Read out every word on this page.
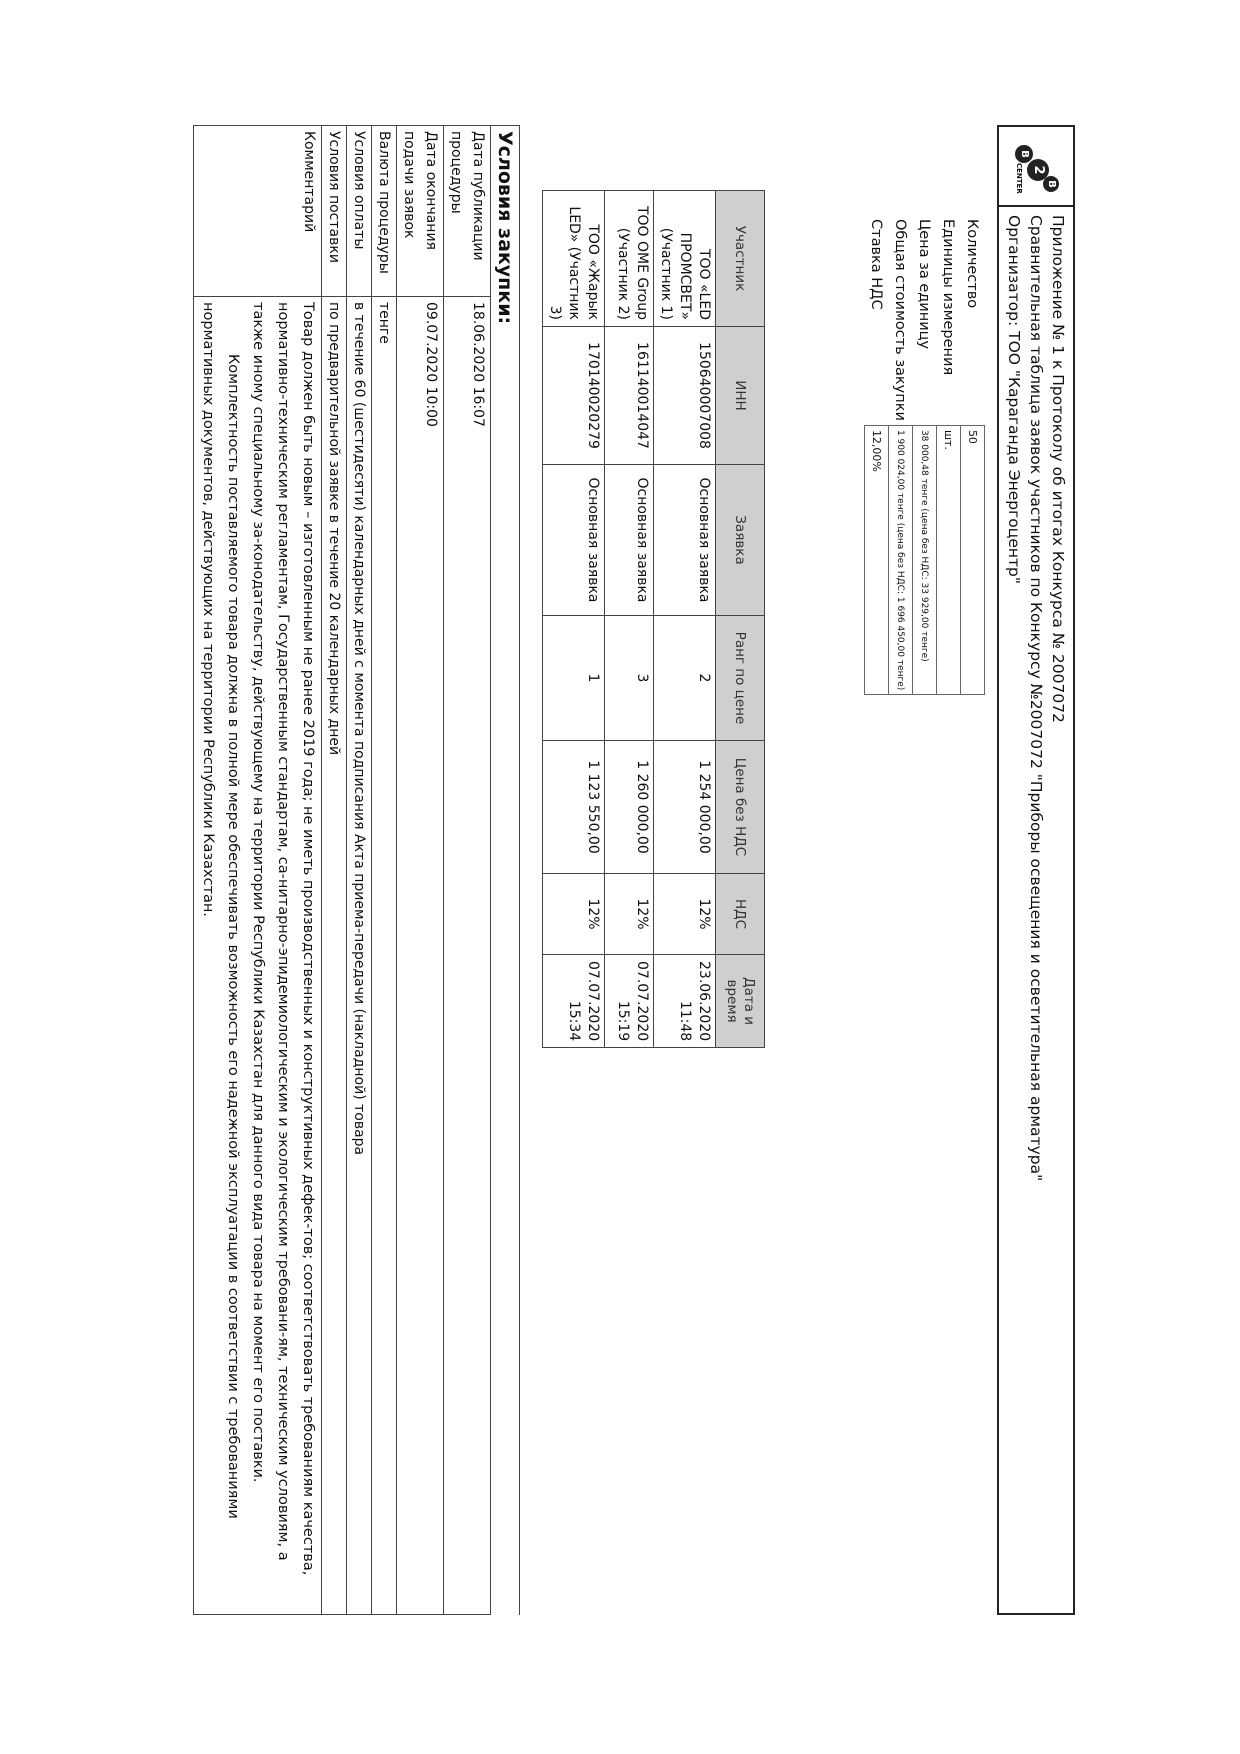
B
2
B
CENTER
Приложение № 1 к Протоколу об итогах Конкурса № 2007072
Сравнительная таблица заявок участников по Конкурсу №2007072 "Приборы освещения и осветительная арматура"
Организатор: ТОО "Караганда Энергоцентр"
Количество	50
Единицы измерения	шт.
Цена за единицу	38 000,48 тенге (цена без НДС: 33 929,00 тенге)
Общая стоимость закупки	1 900 024,00 тенге (цена без НДС: 1 696 450,00 тенге)
Ставка НДС	12,00%
Участник	ИНН	Заявка	Ранг по цене	Цена без НДС	НДС	Дата и время
ТОО «LED ПРОМСВЕТ» (Участник 1)	150640007008	Основная заявка	2	1 254 000,00	12%	23.06.2020 11:48
ТОО OME Group (Участник 2)	161140014047	Основная заявка	3	1 260 000,00	12%	07.07.2020 15:19
ТОО «Жарык LED» (Участник 3)	170140020279	Основная заявка	1	1 123 550,00	12%	07.07.2020 15:34
Условия закупки:	
Дата публикации процедуры	18.06.2020 16:07
Дата окончания подачи заявок	09.07.2020 10:00
Валюта процедуры	тенге
Условия оплаты	в течение 60 (шестидесяти) календарных дней с момента подписания Акта приема-передачи (накладной) товара
Условия поставки	по предварительной заявке в течение 20 календарных дней
Комментарий	Товар должен быть новым – изготовленным не ранее 2019 года; не иметь производственных и конструктивных дефек-тов; соответствовать требованиям качества, нормативно-техническим регламентам, Государственным стандартам, са-нитарно-эпидемиологическим и экологическим требовани-ям, техническим условиям, а также иному специальному за-конодательству, действующему на территории Республики Казахстан для данного вида товара на момент его поставки.
Комплектность поставляемого товара должна в полной мере обеспечивать возможность его надежной эксплуатации в соответствии с требованиями нормативных документов, действующих на территории Республики Казахстан.
